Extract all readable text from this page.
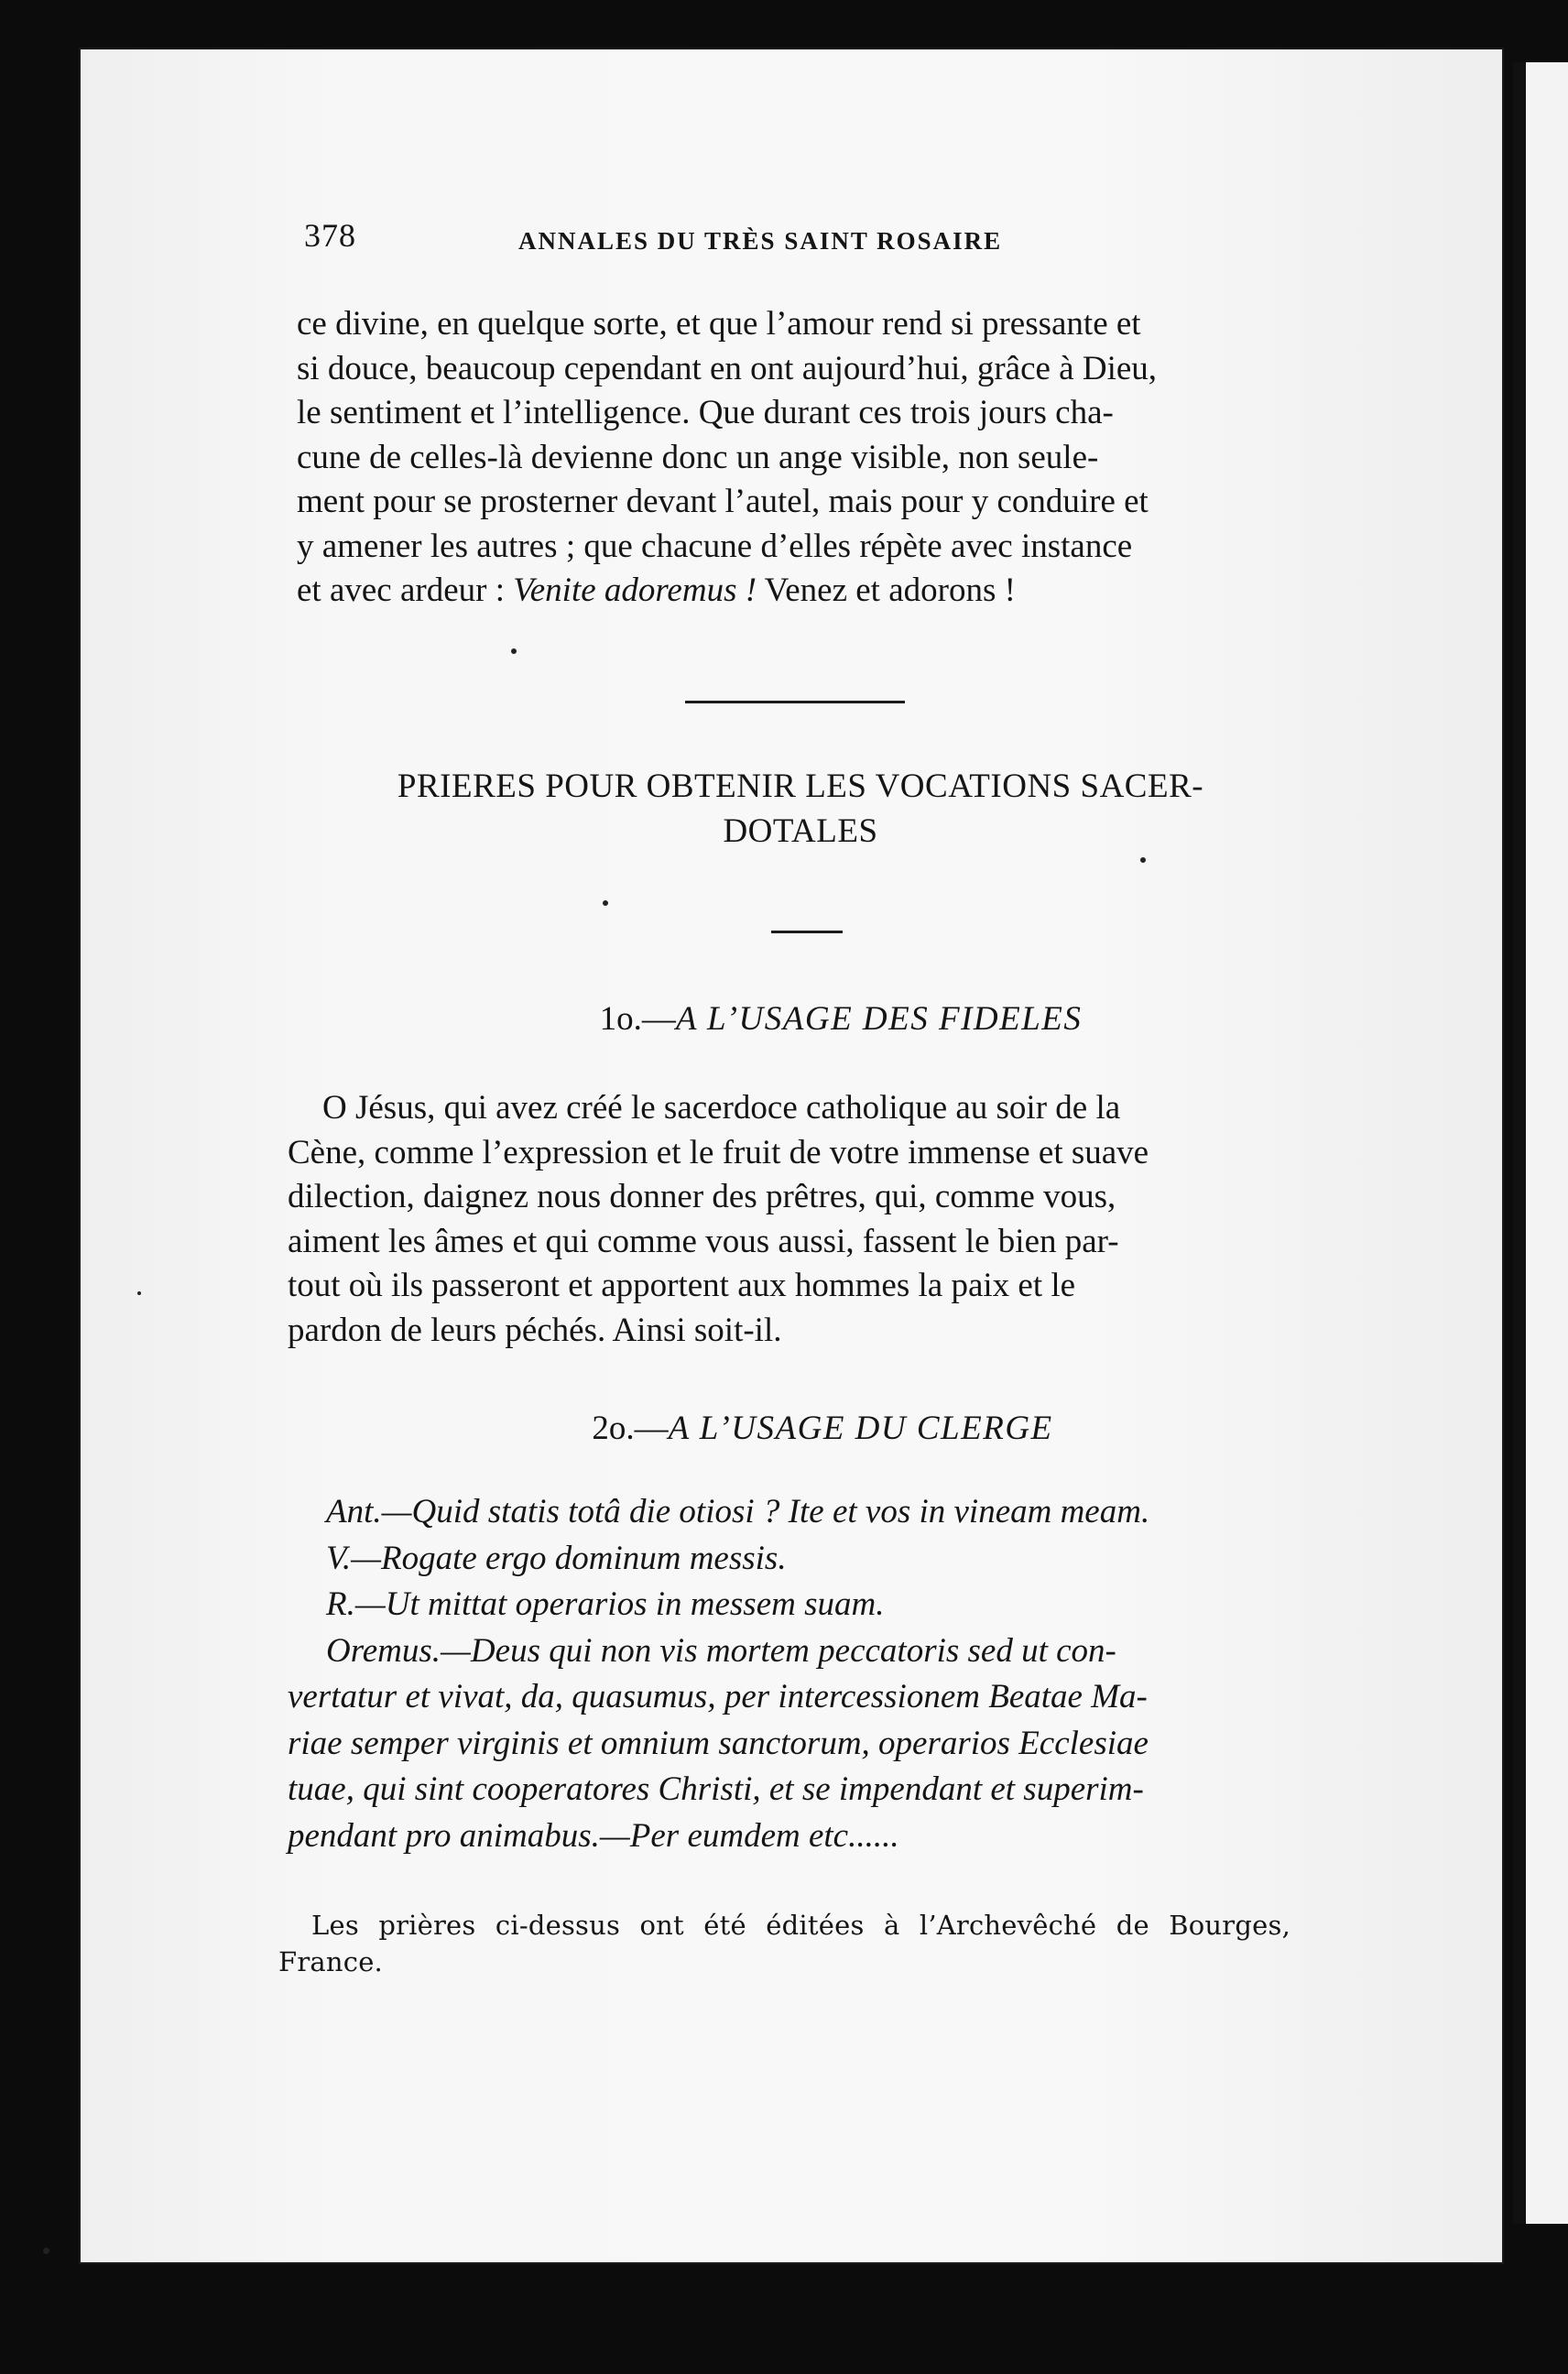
378	ANNALES DU TRÈS SAINT ROSAIRE

ce divine, en quelque sorte, et que l’amour rend si pressante et

si douce, beaucoup cependant en ont aujourd’hui, grâce à Dieu,

le sentiment et l’intelligence. Que durant ces trois jours cha-

cune de celles-là devienne donc un ange visible, non seule-

ment pour se prosterner devant l’autel, mais pour y conduire et

y amener les autres ; que chacune d’elles répète avec instance

et avec ardeur : Venite adoremus ! Venez et adorons !

PRIERES POUR OBTENIR LES VOCATIONS SACER-

DOTALES

1o.—A L’USAGE DES FIDELES

O Jésus, qui avez créé le sacerdoce catholique au soir de la

Cène, comme l’expression et le fruit de votre immense et suave

dilection, daignez nous donner des prêtres, qui, comme vous,

aiment les âmes et qui comme vous aussi, fassent le bien par-

tout où ils passeront et apportent aux hommes la paix et le

pardon de leurs péchés. Ainsi soit-il.

2o.—A L’USAGE DU CLERGE

Ant.—Quid statis totâ die otiosi ? Ite et vos in vineam meam.

V.—Rogate ergo dominum messis.

R.—Ut mittat operarios in messem suam.

Oremus.—Deus qui non vis mortem peccatoris sed ut con-

vertatur et vivat, da, quasumus, per intercessionem Beatae Ma-

riae semper virginis et omnium sanctorum, operarios Ecclesiae

tuae, qui sint cooperatores Christi, et se impendant et superim-

pendant pro animabus.—Per eumdem etc......

Les prières ci-dessus ont été éditées à l’Archevêché de Bourges, France.
